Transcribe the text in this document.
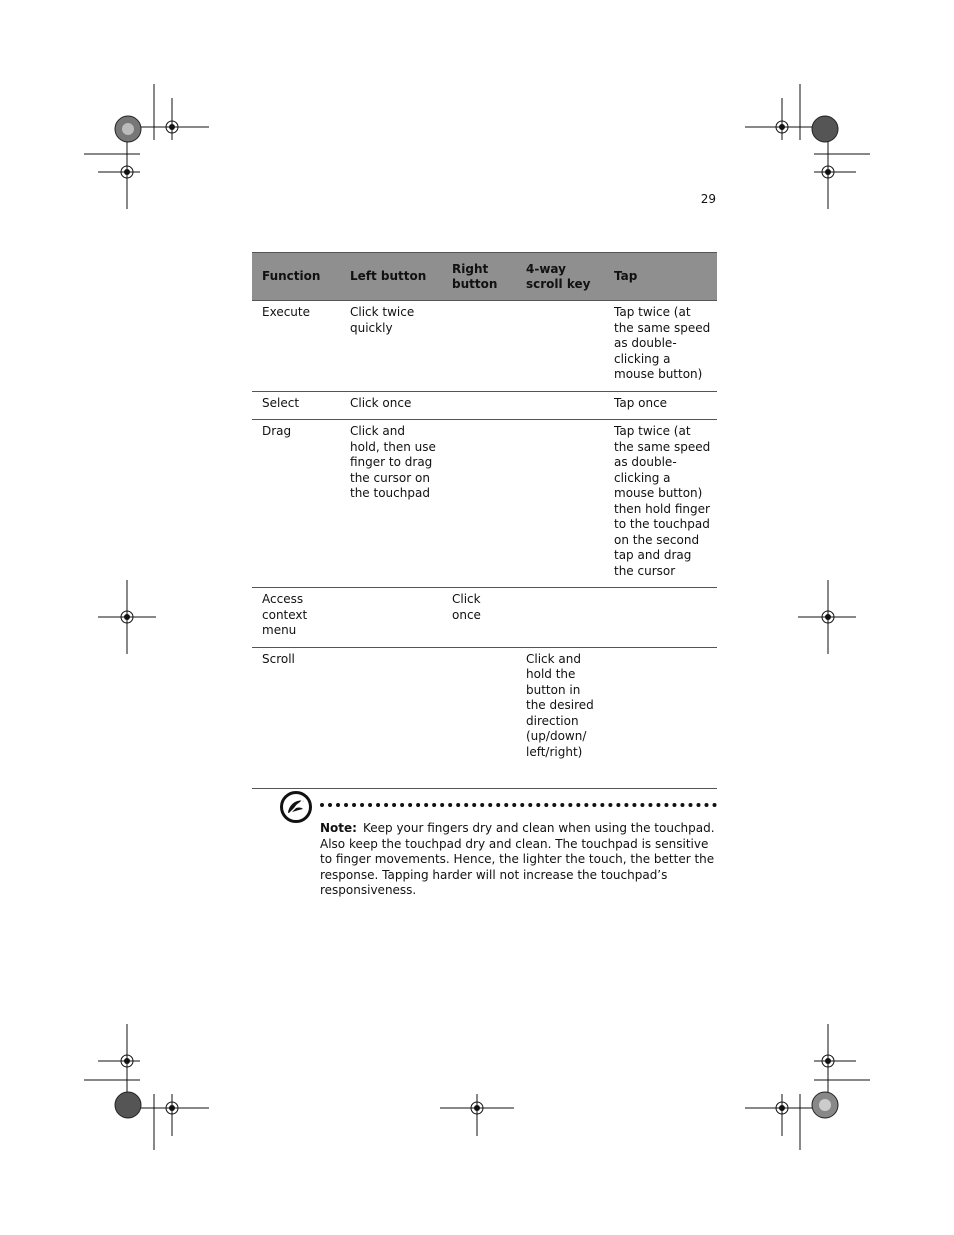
29
Function	Left button	Right button	4-way scroll key	Tap
Execute	Click twice quickly			Tap twice (at the same speed as double-clicking a mouse button)
Select	Click once			Tap once
Drag	Click and hold, then use finger to drag the cursor on the touchpad			Tap twice (at the same speed as double-clicking a mouse button) then hold finger to the touchpad on the second tap and drag the cursor
Access context menu		Click once		
Scroll			Click and hold the button in the desired direction (up/down/ left/right)	
Note: Keep your fingers dry and clean when using the touchpad. Also keep the touchpad dry and clean. The touchpad is sensitive to finger movements. Hence, the lighter the touch, the better the response. Tapping harder will not increase the touchpad’s responsiveness.
